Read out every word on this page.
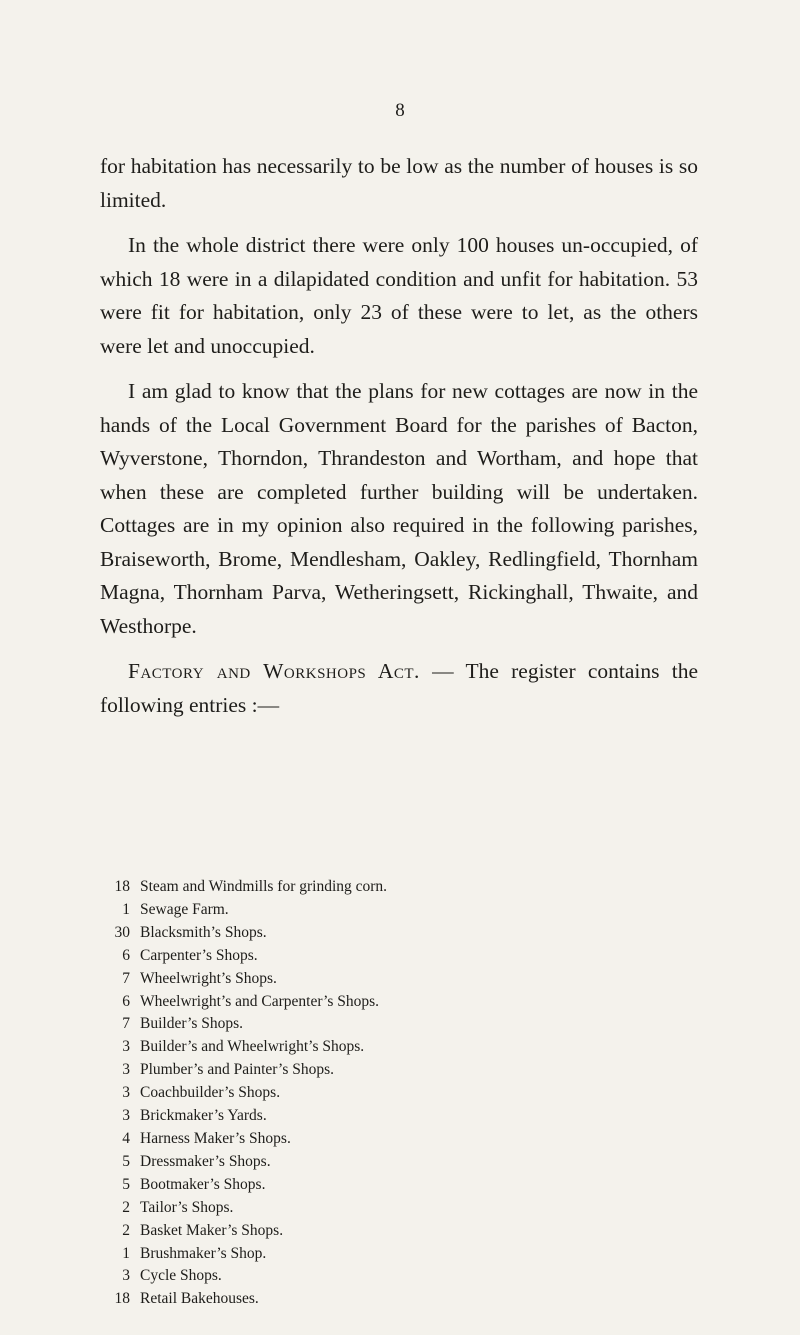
8

for habitation has necessarily to be low as the number of houses is so limited.

In the whole district there were only 100 houses un-occupied, of which 18 were in a dilapidated condition and unfit for habitation. 53 were fit for habitation, only 23 of these were to let, as the others were let and unoccupied.

I am glad to know that the plans for new cottages are now in the hands of the Local Government Board for the parishes of Bacton, Wyverstone, Thorndon, Thrandeston and Wortham, and hope that when these are completed further building will be undertaken. Cottages are in my opinion also required in the following parishes, Braiseworth, Brome, Mendlesham, Oakley, Redlingfield, Thornham Magna, Thornham Parva, Wetheringsett, Rickinghall, Thwaite, and Westhorpe.

Factory and Workshops Act. — The register contains the following entries :—

18 Steam and Windmills for grinding corn.
1 Sewage Farm.
30 Blacksmith’s Shops.
6 Carpenter’s Shops.
7 Wheelwright’s Shops.
6 Wheelwright’s and Carpenter’s Shops.
7 Builder’s Shops.
3 Builder’s and Wheelwright’s Shops.
3 Plumber’s and Painter’s Shops.
3 Coachbuilder’s Shops.
3 Brickmaker’s Yards.
4 Harness Maker’s Shops.
5 Dressmaker’s Shops.
5 Bootmaker’s Shops.
2 Tailor’s Shops.
2 Basket Maker’s Shops.
1 Brushmaker’s Shop.
3 Cycle Shops.
18 Retail Bakehouses.
